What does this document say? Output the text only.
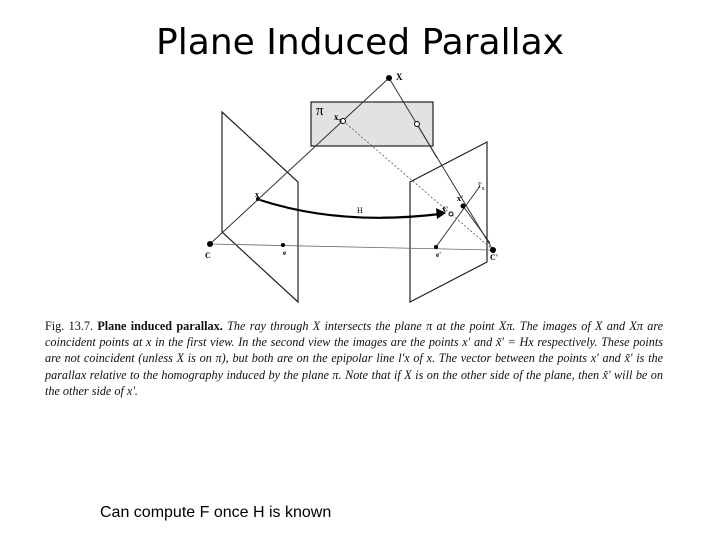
Plane Induced Parallax
X
π $x_\pi$
x
H
C	e
x'
x̃'
$l'_x$
e'	C'
Fig. 13.7. Plane induced parallax. The ray through X intersects the plane π at the point Xπ. The images of X and Xπ are coincident points at x in the first view. In the second view the images are the points x' and x̃' = Hx respectively. These points are not coincident (unless X is on π), but both are on the epipolar line l'x of x. The vector between the points x' and x̃' is the parallax relative to the homography induced by the plane π. Note that if X is on the other side of the plane, then x̃' will be on the other side of x'.
Can compute F once H is known
